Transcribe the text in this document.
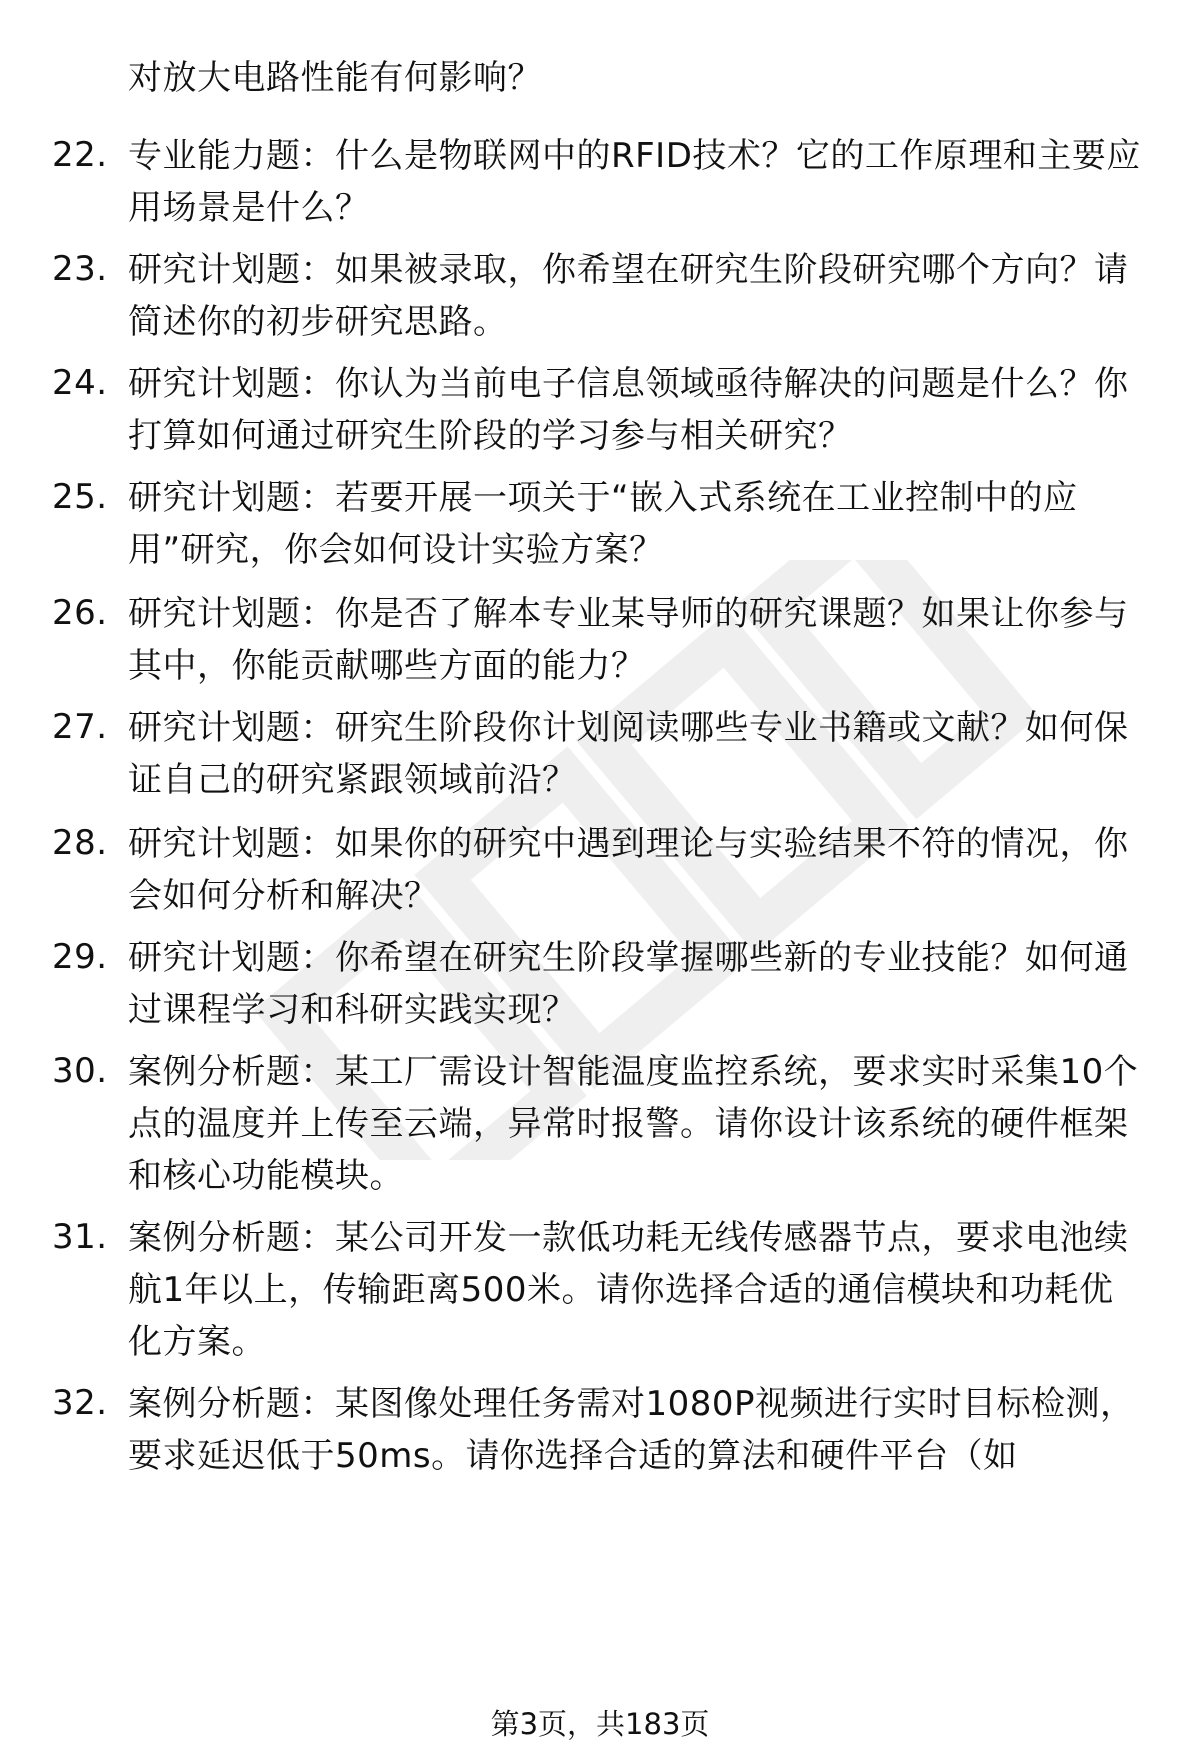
对放大电路性能有何影响？
22. 专业能力题：什么是物联网中的RFID技术？它的工作原理和主要应用场景是什么？
23. 研究计划题：如果被录取，你希望在研究生阶段研究哪个方向？请简述你的初步研究思路。
24. 研究计划题：你认为当前电子信息领域亟待解决的问题是什么？你打算如何通过研究生阶段的学习参与相关研究？
25. 研究计划题：若要开展一项关于“嵌入式系统在工业控制中的应用”研究，你会如何设计实验方案？
26. 研究计划题：你是否了解本专业某导师的研究课题？如果让你参与其中，你能贡献哪些方面的能力？
27. 研究计划题：研究生阶段你计划阅读哪些专业书籍或文献？如何保证自己的研究紧跟领域前沿？
28. 研究计划题：如果你的研究中遇到理论与实验结果不符的情况，你会如何分析和解决？
29. 研究计划题：你希望在研究生阶段掌握哪些新的专业技能？如何通过课程学习和科研实践实现？
30. 案例分析题：某工厂需设计智能温度监控系统，要求实时采集10个点的温度并上传至云端，异常时报警。请你设计该系统的硬件框架和核心功能模块。
31. 案例分析题：某公司开发一款低功耗无线传感器节点，要求电池续航1年以上，传输距离500米。请你选择合适的通信模块和功耗优化方案。
32. 案例分析题：某图像处理任务需对1080P视频进行实时目标检测，要求延迟低于50ms。请你选择合适的算法和硬件平台（如
第3页，共183页
